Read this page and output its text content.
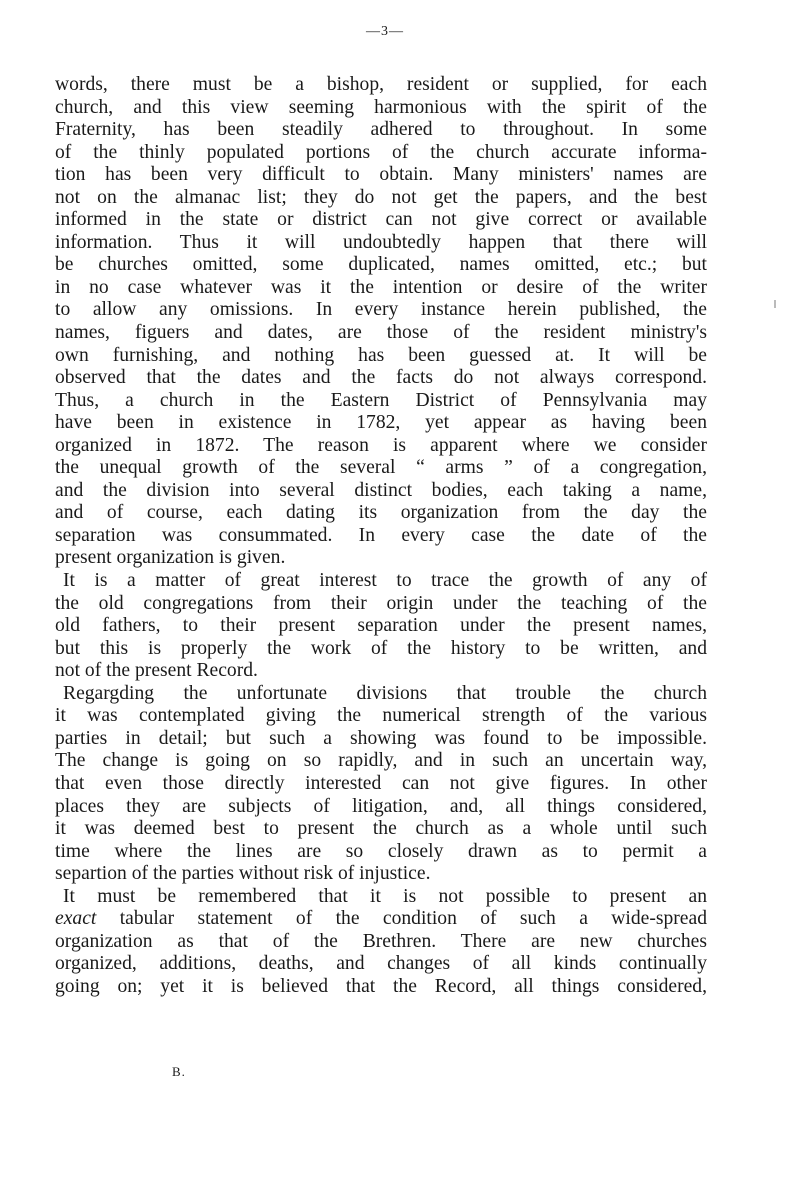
—3—
words, there must be a bishop, resident or supplied, for each
church, and this view seeming harmonious with the spirit of the
Fraternity, has been steadily adhered to throughout. In some
of the thinly populated portions of the church accurate informa-
tion has been very difficult to obtain. Many ministers' names are
not on the almanac list; they do not get the papers, and the best
informed in the state or district can not give correct or available
information. Thus it will undoubtedly happen that there will
be churches omitted, some duplicated, names omitted, etc.; but
in no case whatever was it the intention or desire of the writer
to allow any omissions. In every instance herein published, the
names, figuers and dates, are those of the resident ministry's
own furnishing, and nothing has been guessed at. It will be
observed that the dates and the facts do not always correspond.
Thus, a church in the Eastern District of Pennsylvania may
have been in existence in 1782, yet appear as having been
organized in 1872. The reason is apparent where we consider
the unequal growth of the several “ arms ” of a congregation,
and the division into several distinct bodies, each taking a name,
and of course, each dating its organization from the day the
separation was consummated. In every case the date of the
present organization is given.
It is a matter of great interest to trace the growth of any of
the old congregations from their origin under the teaching of the
old fathers, to their present separation under the present names,
but this is properly the work of the history to be written, and
not of the present Record.
Regargding the unfortunate divisions that trouble the church
it was contemplated giving the numerical strength of the various
parties in detail; but such a showing was found to be impossible.
The change is going on so rapidly, and in such an uncertain way,
that even those directly interested can not give figures. In other
places they are subjects of litigation, and, all things considered,
it was deemed best to present the church as a whole until such
time where the lines are so closely drawn as to permit a
separtion of the parties without risk of injustice.
It must be remembered that it is not possible to present an
exact tabular statement of the condition of such a wide-spread
organization as that of the Brethren. There are new churches
organized, additions, deaths, and changes of all kinds continually
going on; yet it is believed that the Record, all things considered,
B.
